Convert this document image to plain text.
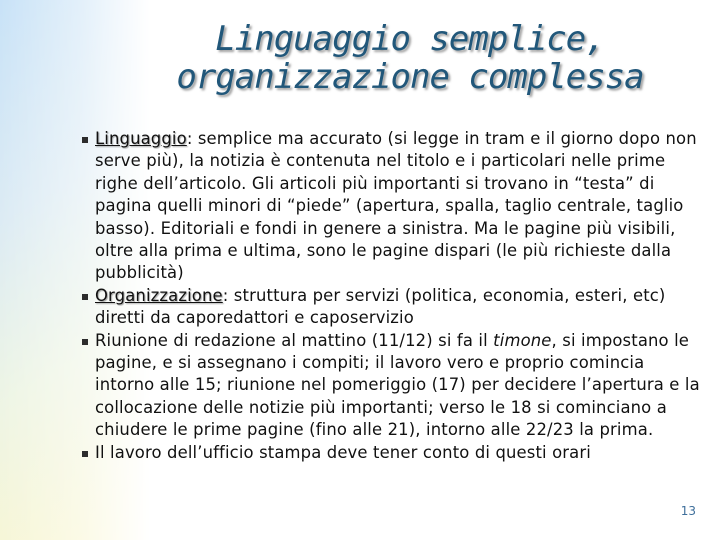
Linguaggio semplice,
organizzazione complessa
Linguaggio: semplice ma accurato (si legge in tram e il giorno dopo non serve più), la notizia è contenuta nel titolo e i particolari nelle prime righe dell’articolo. Gli articoli più importanti si trovano in “testa” di pagina quelli minori di “piede” (apertura, spalla, taglio centrale, taglio basso). Editoriali e fondi in genere a sinistra. Ma le pagine più visibili, oltre alla prima e ultima, sono le pagine dispari (le più richieste dalla pubblicità)
Organizzazione: struttura per servizi (politica, economia, esteri, etc) diretti da caporedattori e caposervizio
Riunione di redazione al mattino (11/12) si fa il timone, si impostano le pagine, e si assegnano i compiti; il lavoro vero e proprio comincia intorno alle 15; riunione nel pomeriggio (17) per decidere l’apertura e la collocazione delle notizie più importanti; verso le 18 si cominciano a chiudere le prime pagine (fino alle 21), intorno alle 22/23 la prima.
Il lavoro dell’ufficio stampa deve tener conto di questi orari
13
